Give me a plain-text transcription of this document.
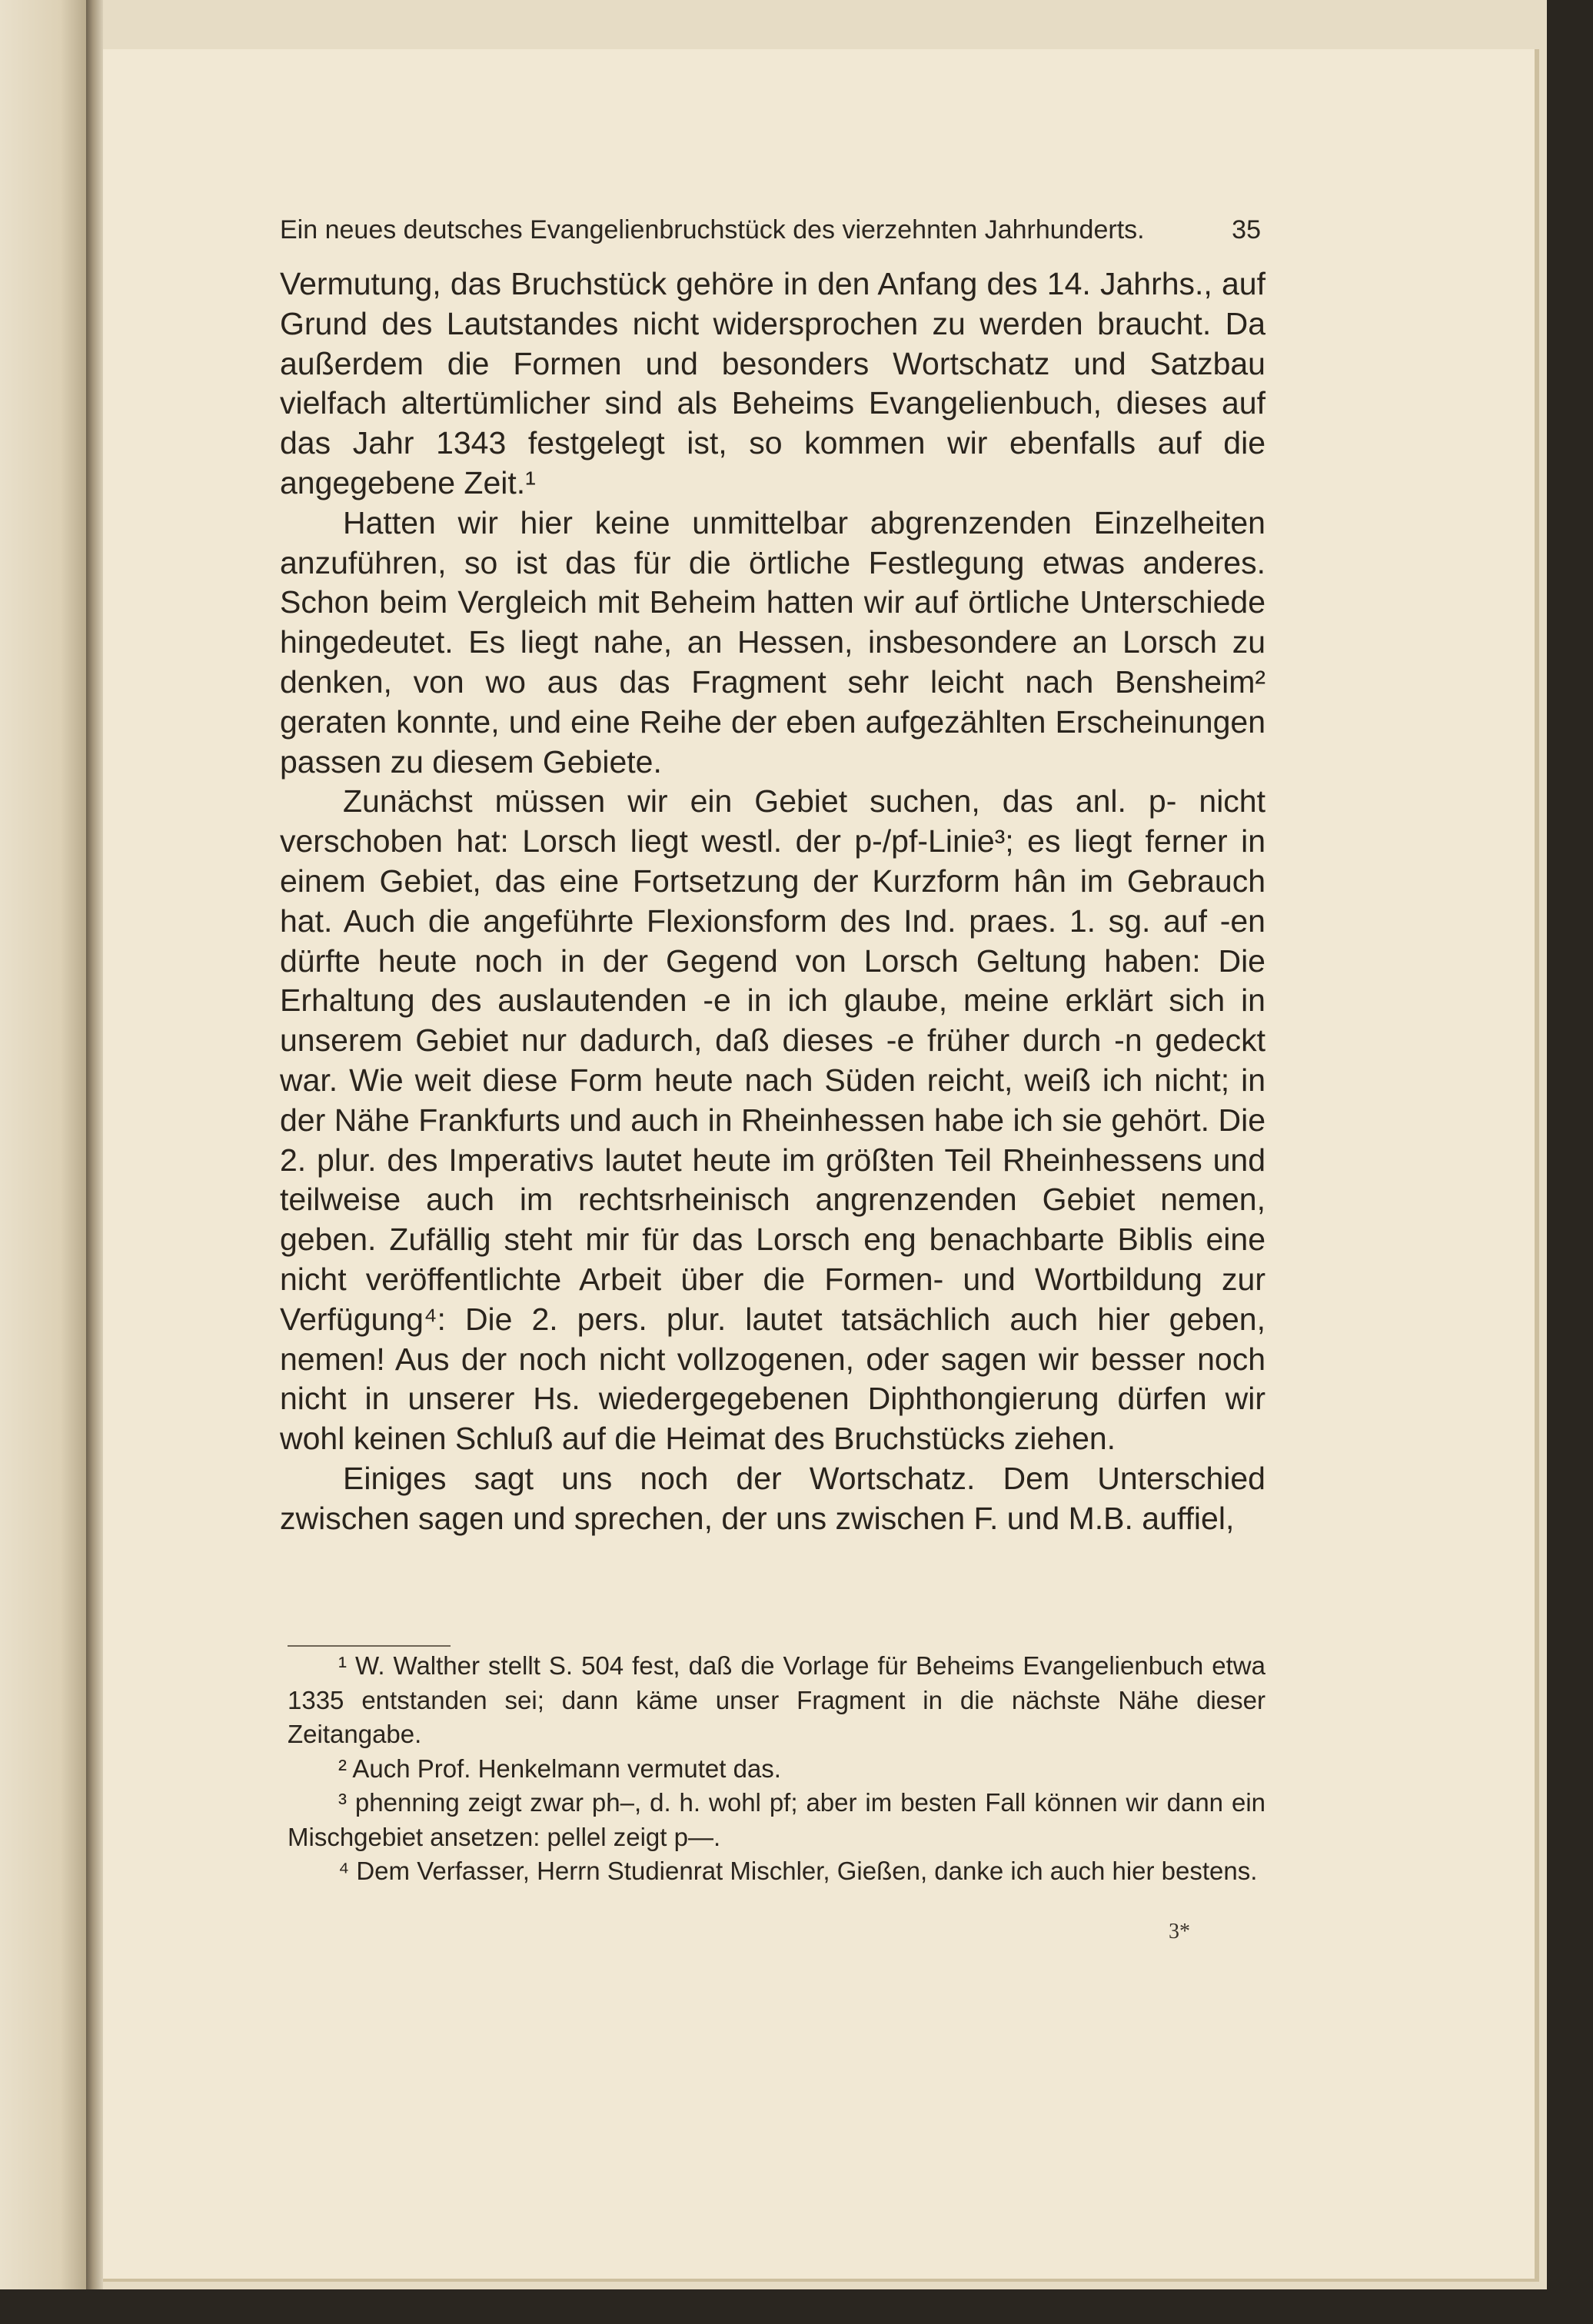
Ein neues deutsches Evangelienbruchstück des vierzehnten Jahrhunderts.	35

Vermutung, das Bruchstück gehöre in den Anfang des 14. Jahrhs., auf Grund des Lautstandes nicht widersprochen zu werden braucht. Da außerdem die Formen und besonders Wortschatz und Satzbau vielfach altertümlicher sind als Beheims Evangelienbuch, dieses auf das Jahr 1343 festgelegt ist, so kommen wir ebenfalls auf die angegebene Zeit.¹

Hatten wir hier keine unmittelbar abgrenzenden Einzelheiten anzuführen, so ist das für die örtliche Festlegung etwas anderes. Schon beim Vergleich mit Beheim hatten wir auf örtliche Unterschiede hingedeutet. Es liegt nahe, an Hessen, insbesondere an Lorsch zu denken, von wo aus das Fragment sehr leicht nach Bensheim² geraten konnte, und eine Reihe der eben aufgezählten Erscheinungen passen zu diesem Gebiete.

Zunächst müssen wir ein Gebiet suchen, das anl. p- nicht verschoben hat: Lorsch liegt westl. der p-/pf-Linie³; es liegt ferner in einem Gebiet, das eine Fortsetzung der Kurzform hân im Gebrauch hat. Auch die angeführte Flexionsform des Ind. praes. 1. sg. auf -en dürfte heute noch in der Gegend von Lorsch Geltung haben: Die Erhaltung des auslautenden -e in ich glaube, meine erklärt sich in unserem Gebiet nur dadurch, daß dieses -e früher durch -n gedeckt war. Wie weit diese Form heute nach Süden reicht, weiß ich nicht; in der Nähe Frankfurts und auch in Rheinhessen habe ich sie gehört. Die 2. plur. des Imperativs lautet heute im größten Teil Rheinhessens und teilweise auch im rechtsrheinisch angrenzenden Gebiet nemen, geben. Zufällig steht mir für das Lorsch eng benachbarte Biblis eine nicht veröffentlichte Arbeit über die Formen- und Wortbildung zur Verfügung⁴: Die 2. pers. plur. lautet tatsächlich auch hier geben, nemen! Aus der noch nicht vollzogenen, oder sagen wir besser noch nicht in unserer Hs. wiedergegebenen Diphthongierung dürfen wir wohl keinen Schluß auf die Heimat des Bruchstücks ziehen.

Einiges sagt uns noch der Wortschatz. Dem Unterschied zwischen sagen und sprechen, der uns zwischen F. und M.B. auffiel,

¹ W. Walther stellt S. 504 fest, daß die Vorlage für Beheims Evangelienbuch etwa 1335 entstanden sei; dann käme unser Fragment in die nächste Nähe dieser Zeitangabe.

² Auch Prof. Henkelmann vermutet das.

³ phenning zeigt zwar ph–, d. h. wohl pf; aber im besten Fall können wir dann ein Mischgebiet ansetzen: pellel zeigt p—.

⁴ Dem Verfasser, Herrn Studienrat Mischler, Gießen, danke ich auch hier bestens.

3*
